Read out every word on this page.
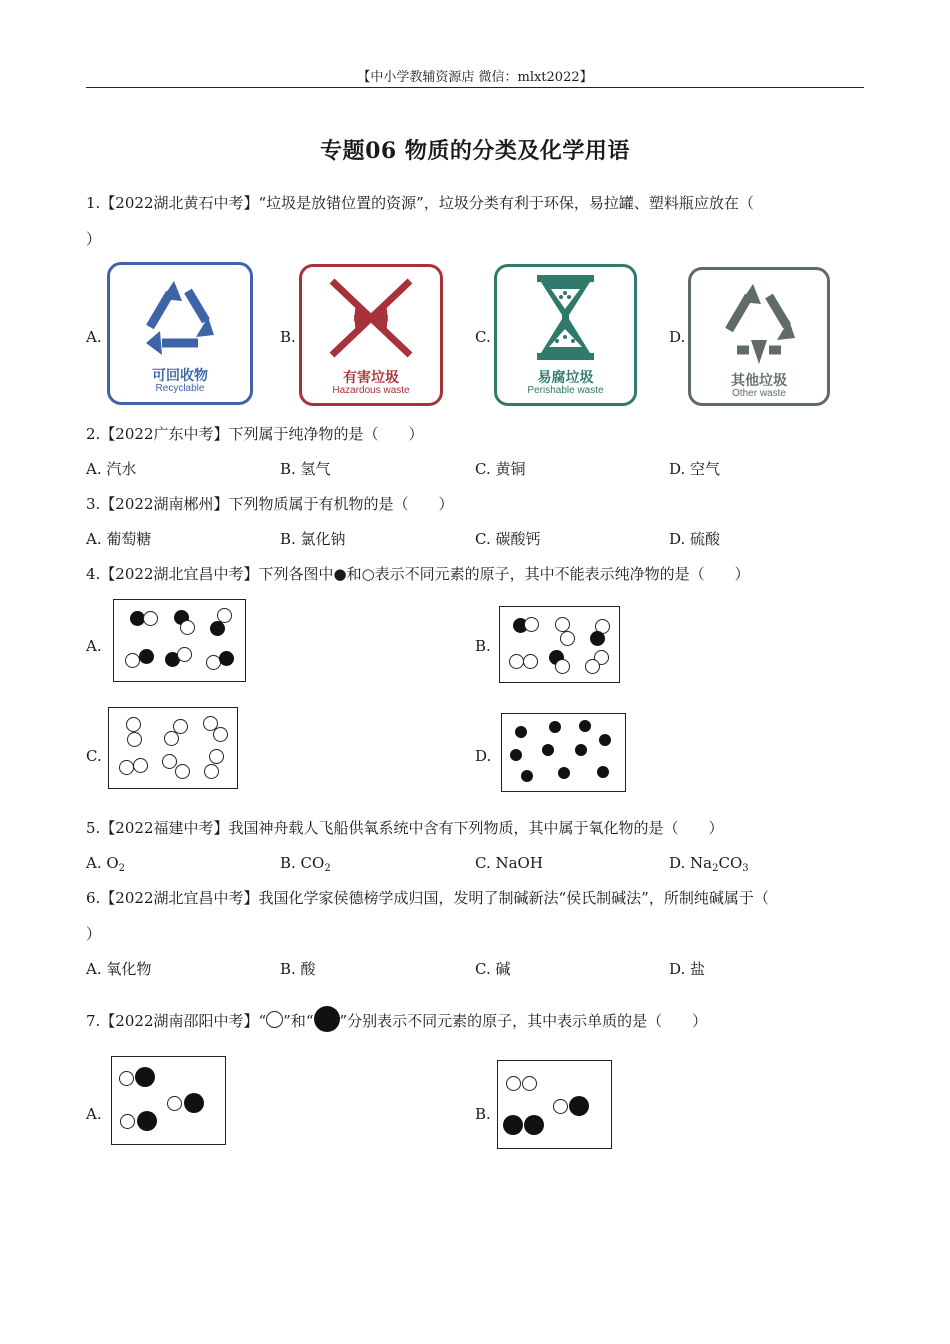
【中小学教辅资源店 微信：mlxt2022】
专题06 物质的分类及化学用语
1.【2022湖北黄石中考】“垃圾是放错位置的资源”，垃圾分类有利于环保，易拉罐、塑料瓶应放在（
）
A.
可回收物
Recyclable
B.
有害垃圾
Hazardous waste
C.
易腐垃圾
Perishable waste
D.
其他垃圾
Other waste
2.【2022广东中考】下列属于纯净物的是（　　）
A. 汽水	B. 氢气	C. 黄铜	D. 空气
3.【2022湖南郴州】下列物质属于有机物的是（　　）
A. 葡萄糖	B. 氯化钠	C. 碳酸钙	D. 硫酸
4.【2022湖北宜昌中考】下列各图中●和○表示不同元素的原子，其中不能表示纯净物的是（　　）
A.	B.
C.	D.
5.【2022福建中考】我国神舟载人飞船供氧系统中含有下列物质，其中属于氧化物的是（　　）
A. $O_2$	B. $CO_2$	C. NaOH	D. $Na_2CO_3$
6.【2022湖北宜昌中考】我国化学家侯德榜学成归国，发明了制碱新法“侯氏制碱法”，所制纯碱属于（
）
A. 氧化物	B. 酸	C. 碱	D. 盐
7.【2022湖南邵阳中考】“ ”和“ ”分别表示不同元素的原子，其中表示单质的是（　　）
A.	B.
